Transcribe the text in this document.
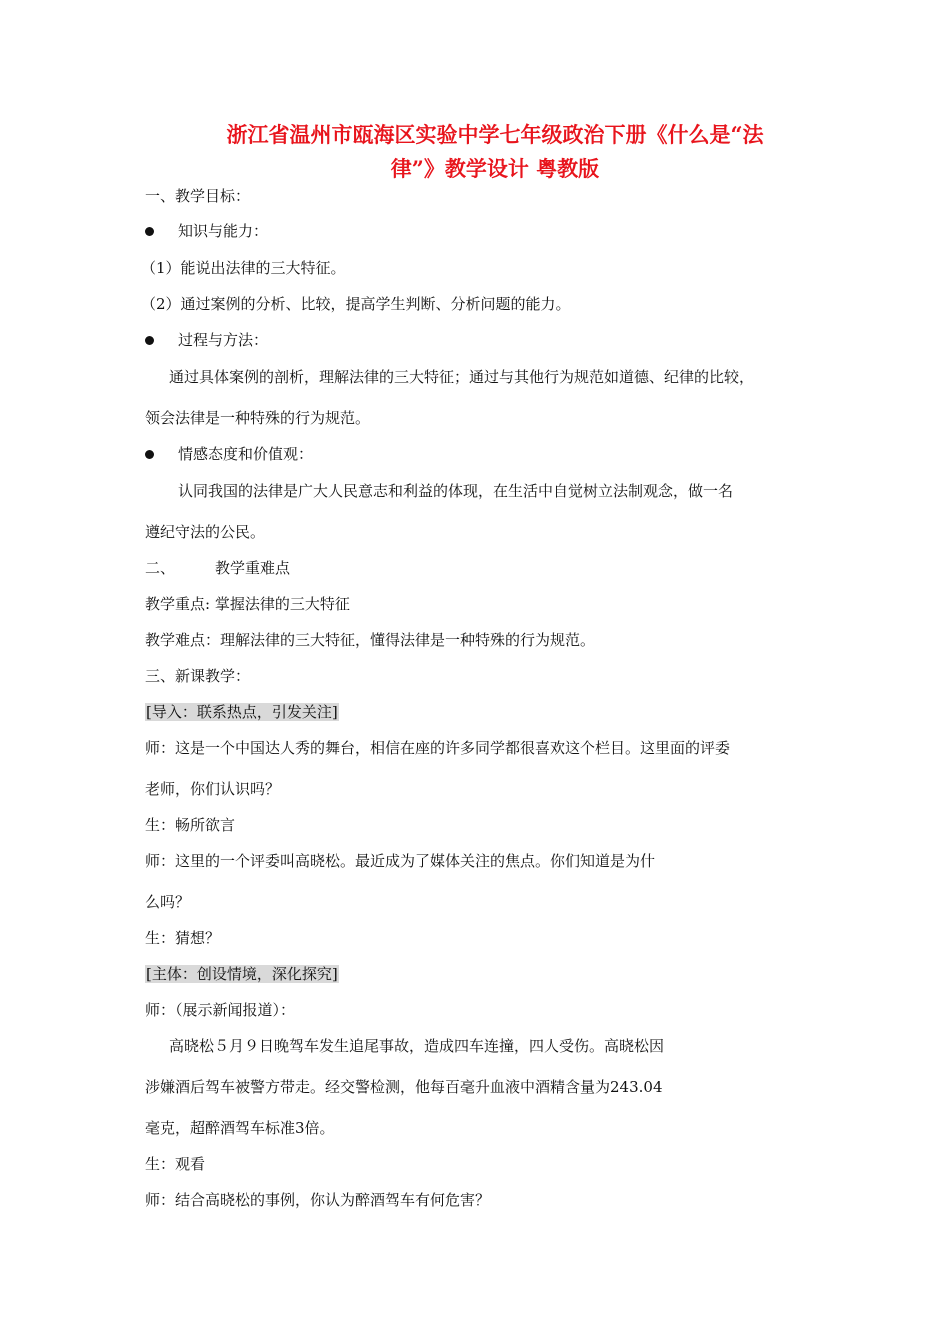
浙江省温州市瓯海区实验中学七年级政治下册《什么是“法
律”》教学设计 粤教版
一、教学目标：
知识与能力：
（1）能说出法律的三大特征。
（2）通过案例的分析、比较，提高学生判断、分析问题的能力。
过程与方法：
通过具体案例的剖析，理解法律的三大特征；通过与其他行为规范如道德、纪律的比较，
领会法律是一种特殊的行为规范。
情感态度和价值观：
认同我国的法律是广大人民意志和利益的体现，在生活中自觉树立法制观念，做一名
遵纪守法的公民。
二、	教学重难点
教学重点: 掌握法律的三大特征
教学难点：理解法律的三大特征，懂得法律是一种特殊的行为规范。
三、新课教学：
[导入：联系热点，引发关注]
师：这是一个中国达人秀的舞台，相信在座的许多同学都很喜欢这个栏目。这里面的评委
老师，你们认识吗？
生：畅所欲言
师：这里的一个评委叫高晓松。最近成为了媒体关注的焦点。你们知道是为什
么吗？
生：猜想？
[主体：创设情境，深化探究]
师：（展示新闻报道）：
高晓松５月９日晚驾车发生追尾事故，造成四车连撞，四人受伤。高晓松因
涉嫌酒后驾车被警方带走。经交警检测，他每百毫升血液中酒精含量为243.04
毫克，超醉酒驾车标准3倍。
生：观看
师：结合高晓松的事例，你认为醉酒驾车有何危害？
